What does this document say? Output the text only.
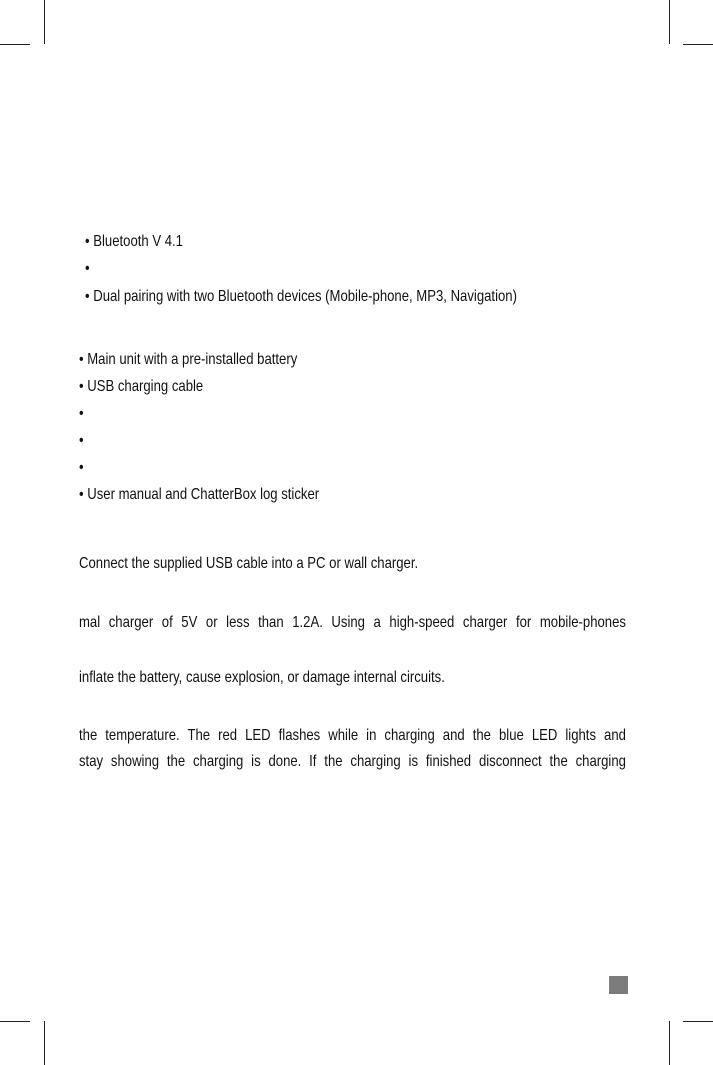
• Bluetooth V 4.1
•
• Dual pairing with two Bluetooth devices (Mobile-phone, MP3, Navigation)
• Main unit with a pre-installed battery
• USB charging cable
•
•
•
• User manual and ChatterBox log sticker
Connect the supplied USB cable into a PC or wall charger.
mal charger of 5V or less than 1.2A. Using a high-speed charger for mobile-phones
inflate the battery, cause explosion, or damage internal circuits.
the temperature. The red LED flashes while in charging and the blue LED lights and
stay showing the charging is done. If the charging is finished disconnect the charging
